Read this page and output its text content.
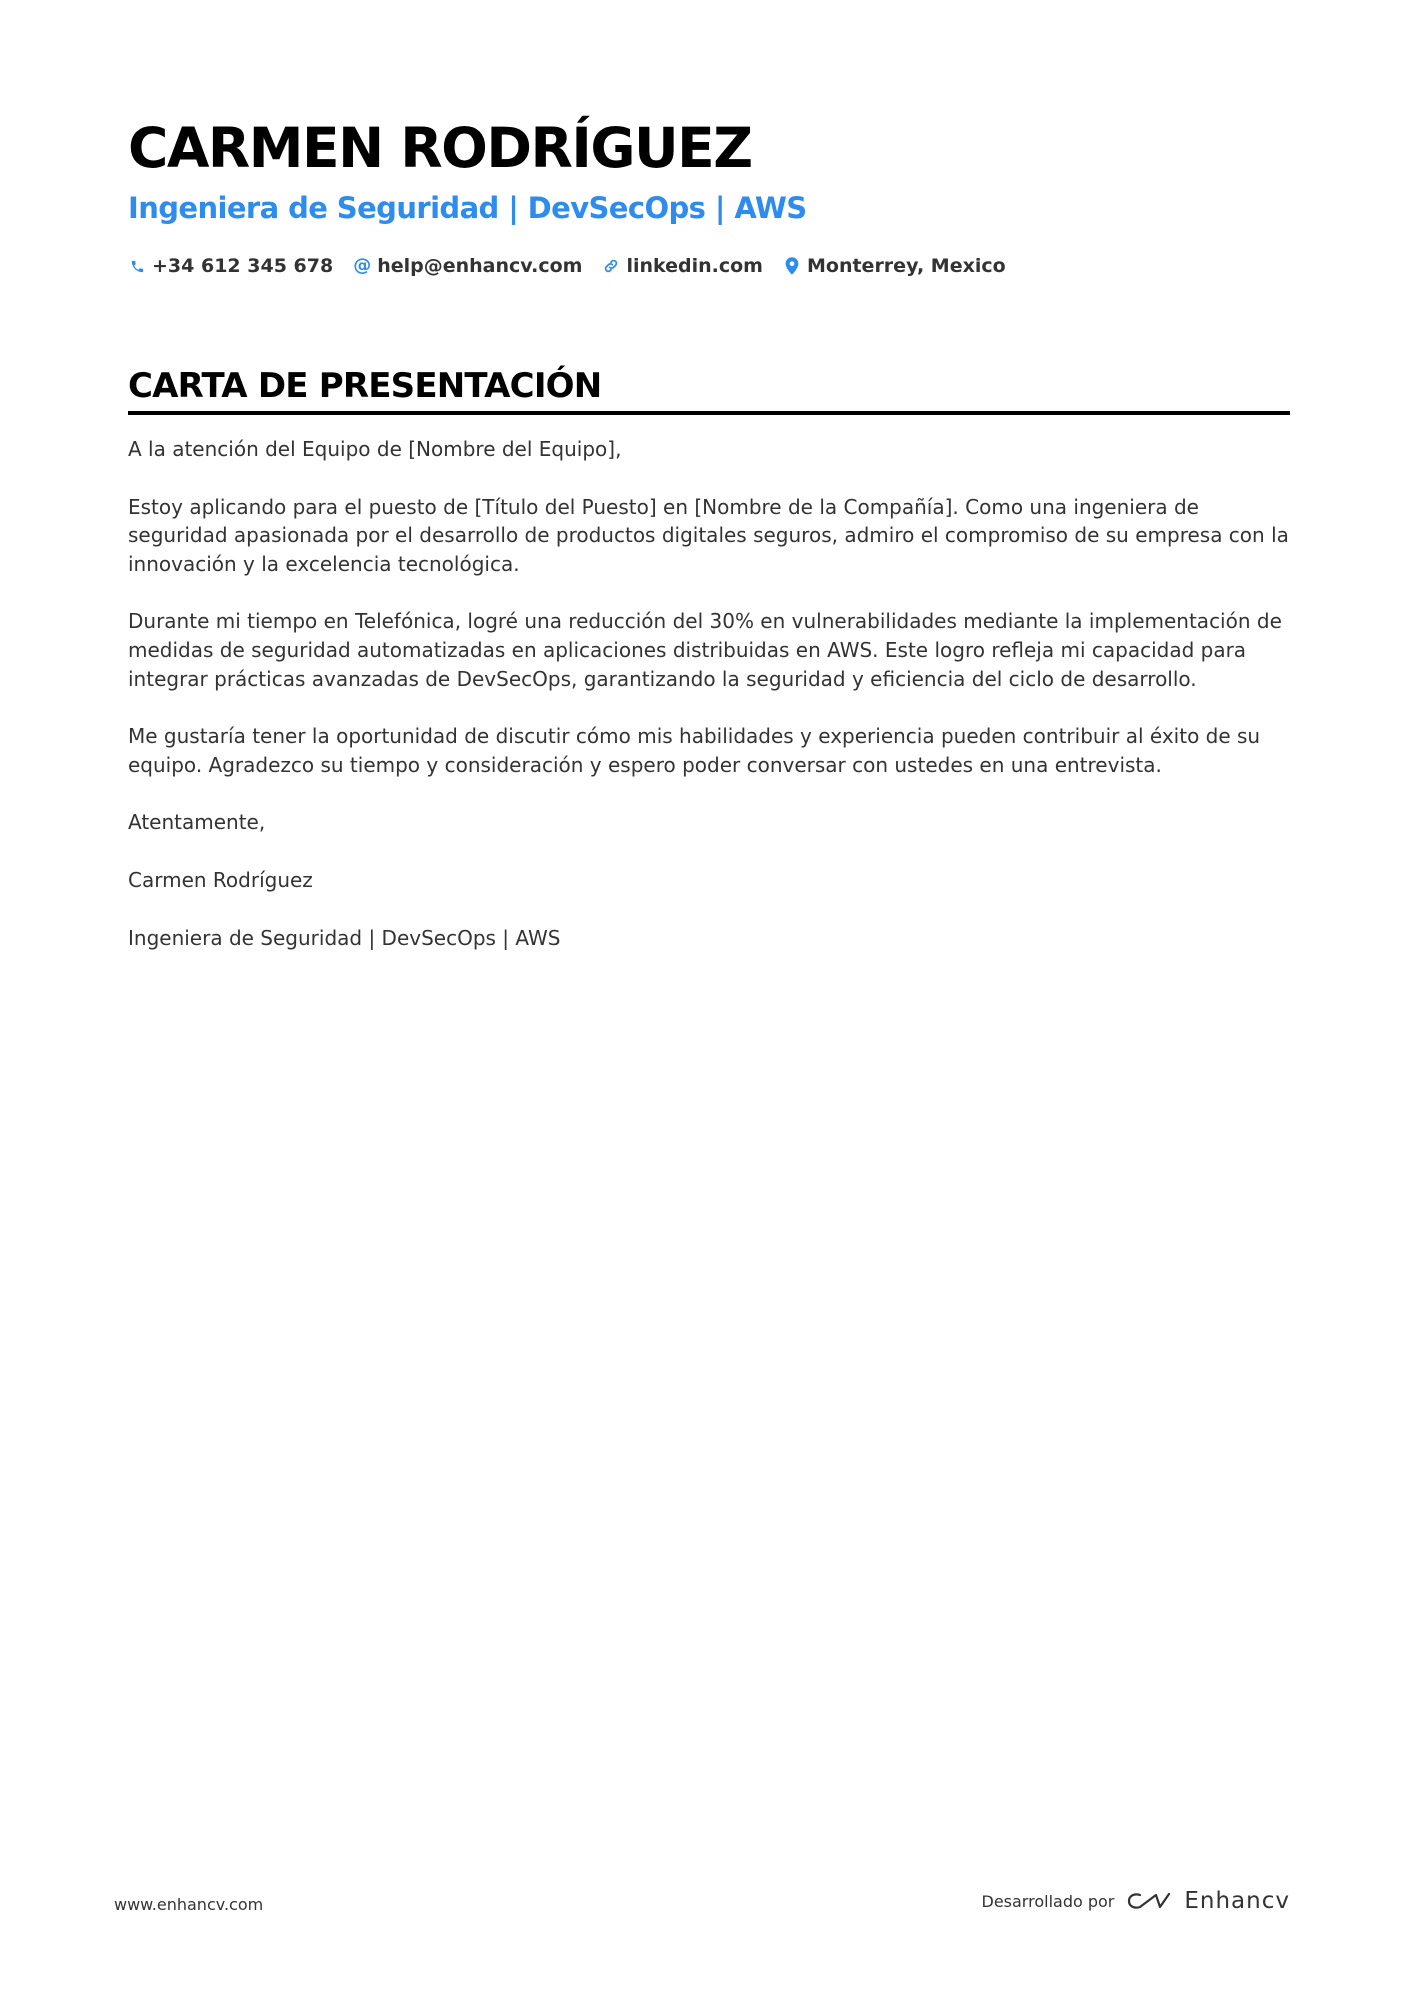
CARMEN RODRÍGUEZ
Ingeniera de Seguridad | DevSecOps | AWS
+34 612 345 678 @ help@enhancv.com linkedin.com Monterrey, Mexico
CARTA DE PRESENTACIÓN

A la atención del Equipo de [Nombre del Equipo],

Estoy aplicando para el puesto de [Título del Puesto] en [Nombre de la Compañía]. Como una ingeniera de seguridad apasionada por el desarrollo de productos digitales seguros, admiro el compromiso de su empresa con la innovación y la excelencia tecnológica.

Durante mi tiempo en Telefónica, logré una reducción del 30% en vulnerabilidades mediante la implementación de medidas de seguridad automatizadas en aplicaciones distribuidas en AWS. Este logro refleja mi capacidad para integrar prácticas avanzadas de DevSecOps, garantizando la seguridad y eficiencia del ciclo de desarrollo.

Me gustaría tener la oportunidad de discutir cómo mis habilidades y experiencia pueden contribuir al éxito de su equipo. Agradezco su tiempo y consideración y espero poder conversar con ustedes en una entrevista.

Atentamente,

Carmen Rodríguez

Ingeniera de Seguridad | DevSecOps | AWS

www.enhancv.com	Desarrollado por	Enhancv
